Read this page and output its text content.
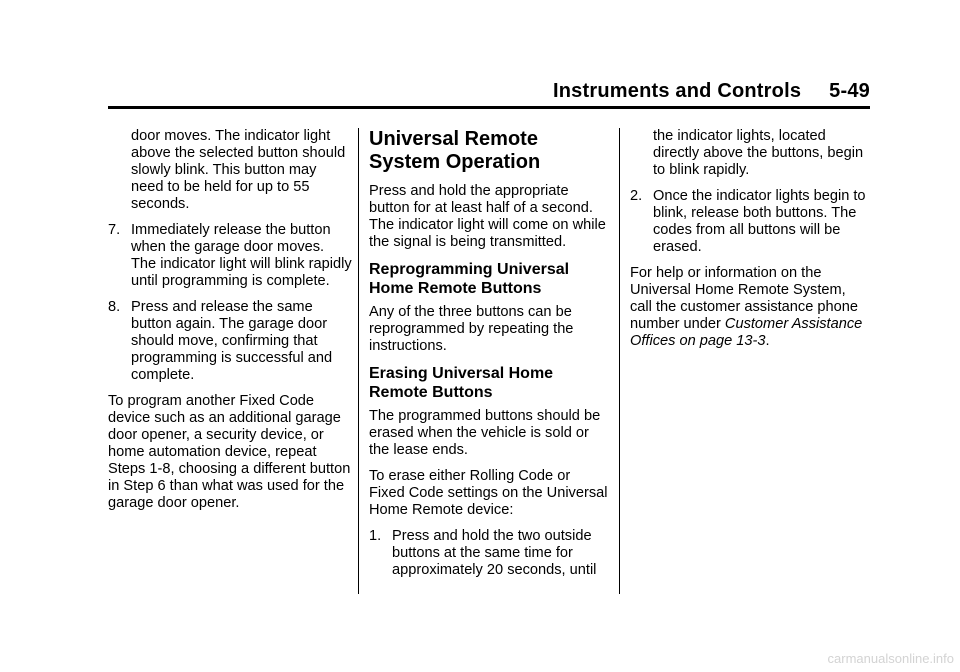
Instruments and Controls 5-49

door moves. The indicator light above the selected button should slowly blink. This button may need to be held for up to 55 seconds.

7. Immediately release the button when the garage door moves. The indicator light will blink rapidly until programming is complete.
8. Press and release the same button again. The garage door should move, confirming that programming is successful and complete.

To program another Fixed Code device such as an additional garage door opener, a security device, or home automation device, repeat Steps 1-8, choosing a different button in Step 6 than what was used for the garage door opener.

Universal Remote System Operation

Press and hold the appropriate button for at least half of a second. The indicator light will come on while the signal is being transmitted.

Reprogramming Universal Home Remote Buttons

Any of the three buttons can be reprogrammed by repeating the instructions.

Erasing Universal Home Remote Buttons

The programmed buttons should be erased when the vehicle is sold or the lease ends.

To erase either Rolling Code or Fixed Code settings on the Universal Home Remote device:

1. Press and hold the two outside buttons at the same time for approximately 20 seconds, until

the indicator lights, located directly above the buttons, begin to blink rapidly.

2. Once the indicator lights begin to blink, release both buttons. The codes from all buttons will be erased.

For help or information on the Universal Home Remote System, call the customer assistance phone number under Customer Assistance Offices on page 13-3.

carmanualsonline.info
